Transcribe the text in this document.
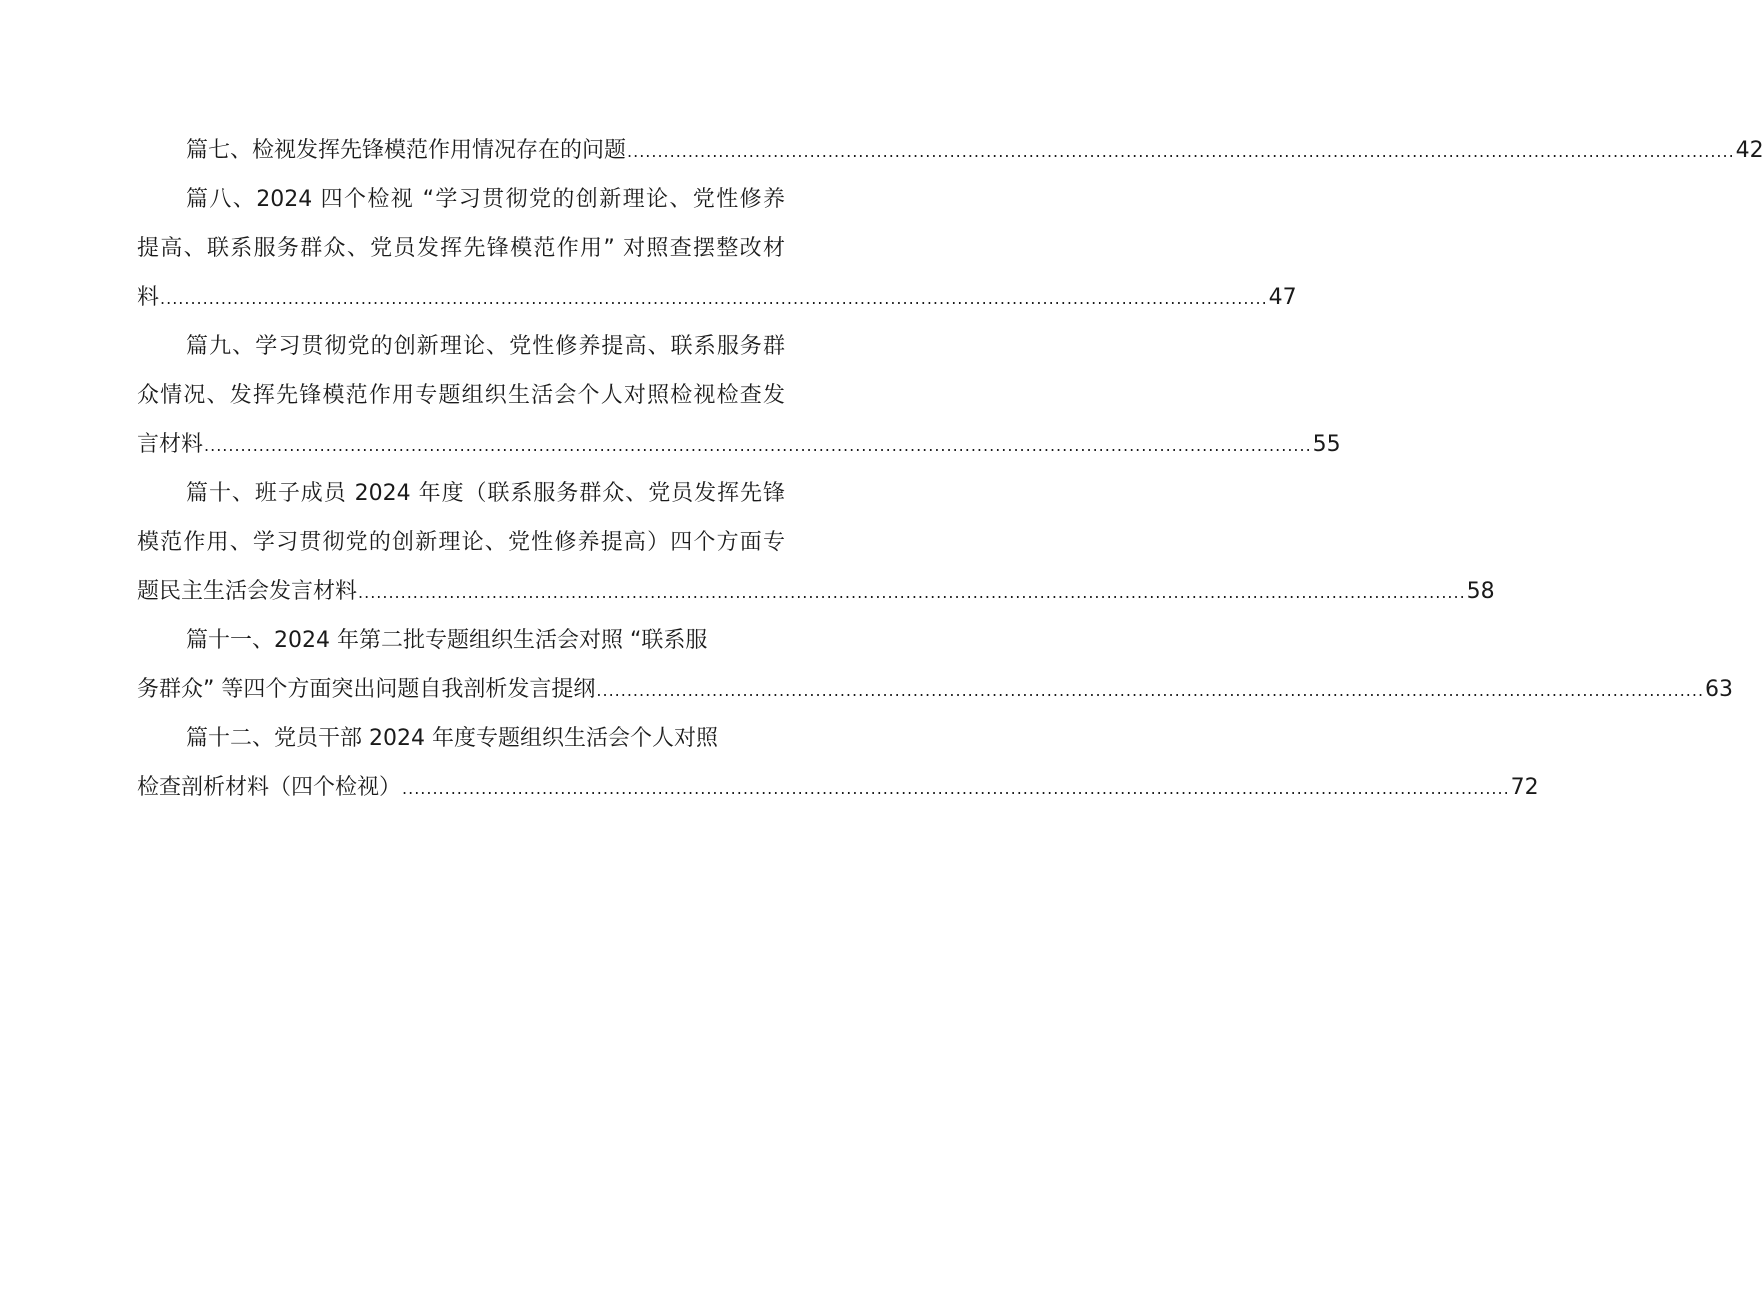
篇七、检视发挥先锋模范作用情况存在的问题 ...................................................................................................................................................................................... 42
篇八、2024 四个检视 “学习贯彻党的创新理论、党性修养
提高、联系服务群众、党员发挥先锋模范作用” 对照查摆整改材
料 ...................................................................................................................................................................................... 47
篇九、学习贯彻党的创新理论、党性修养提高、联系服务群
众情况、发挥先锋模范作用专题组织生活会个人对照检视检查发
言材料 ...................................................................................................................................................................................... 55
篇十、班子成员 2024 年度（联系服务群众、党员发挥先锋
模范作用、学习贯彻党的创新理论、党性修养提高）四个方面专
题民主生活会发言材料 ...................................................................................................................................................................................... 58
篇十一、2024 年第二批专题组织生活会对照 “联系服
务群众” 等四个方面突出问题自我剖析发言提纲 ...................................................................................................................................................................................... 63
篇十二、党员干部 2024 年度专题组织生活会个人对照
检查剖析材料（四个检视） ...................................................................................................................................................................................... 72
